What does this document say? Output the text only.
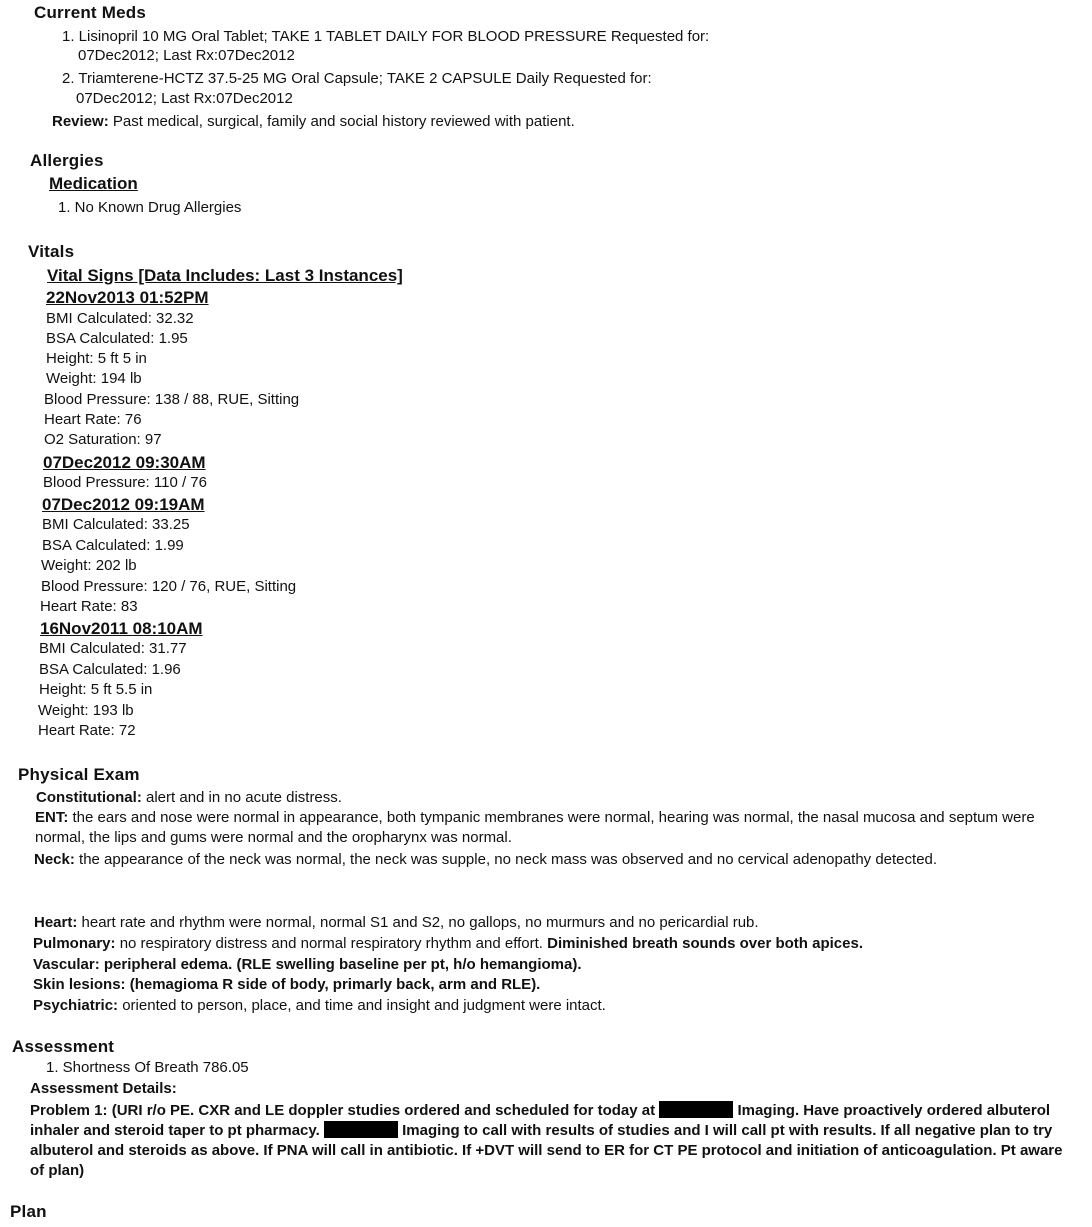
Current Meds
1. Lisinopril 10 MG Oral Tablet; TAKE 1 TABLET DAILY FOR BLOOD PRESSURE Requested for:
07Dec2012; Last Rx:07Dec2012
2. Triamterene-HCTZ 37.5-25 MG Oral Capsule; TAKE 2 CAPSULE Daily Requested for:
07Dec2012; Last Rx:07Dec2012
Review: Past medical, surgical, family and social history reviewed with patient.
Allergies
Medication
1. No Known Drug Allergies
Vitals
Vital Signs [Data Includes: Last 3 Instances]
22Nov2013 01:52PM
BMI Calculated: 32.32
BSA Calculated: 1.95
Height: 5 ft 5 in
Weight: 194 lb
Blood Pressure: 138 / 88, RUE, Sitting
Heart Rate: 76
O2 Saturation: 97
07Dec2012 09:30AM
Blood Pressure: 110 / 76
07Dec2012 09:19AM
BMI Calculated: 33.25
BSA Calculated: 1.99
Weight: 202 lb
Blood Pressure: 120 / 76, RUE, Sitting
Heart Rate: 83
16Nov2011 08:10AM
BMI Calculated: 31.77
BSA Calculated: 1.96
Height: 5 ft 5.5 in
Weight: 193 lb
Heart Rate: 72
Physical Exam
Constitutional: alert and in no acute distress.
ENT: the ears and nose were normal in appearance, both tympanic membranes were normal, hearing was normal, the nasal mucosa and septum were normal, the lips and gums were normal and the oropharynx was normal.
Neck: the appearance of the neck was normal, the neck was supple, no neck mass was observed and no cervical adenopathy detected.
Heart: heart rate and rhythm were normal, normal S1 and S2, no gallops, no murmurs and no pericardial rub.
Pulmonary: no respiratory distress and normal respiratory rhythm and effort. Diminished breath sounds over both apices.
Vascular: peripheral edema. (RLE swelling baseline per pt, h/o hemangioma).
Skin lesions: (hemagioma R side of body, primarly back, arm and RLE).
Psychiatric: oriented to person, place, and time and insight and judgment were intact.
Assessment
1. Shortness Of Breath 786.05
Assessment Details:
Problem 1: (URI r/o PE. CXR and LE doppler studies ordered and scheduled for today at	Imaging. Have proactively ordered albuterol inhaler and steroid taper to pt pharmacy.	Imaging to call with results of studies and I will call pt with results. If all negative plan to try albuterol and steroids as above. If PNA will call in antibiotic. If +DVT will send to ER for CT PE protocol and initiation of anticoagulation. Pt aware of plan)
Plan
